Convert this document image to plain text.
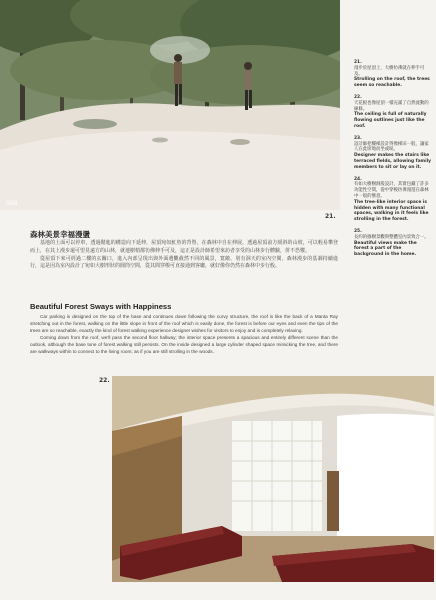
068
21.
21.
漫步於屋頂上，大樹彷彿就在伸手可及。
Strolling on the roof, the trees seem so reachable.
22.
天花板也像屋頂一樣充滿了自然流動的線條。
The ceiling is full of naturally flowing outlines just like the roof.
23.
設計師把樓梯設計得像梯田一般，讓家人在此席地而坐或臥。
Designer makes the stairs like terraced fields, allowing family members to sit or lay on it.
24.
有如大樹樹洞般設計，其實包藏了許多功能性空間，從中穿梭彷彿漫遊在森林中一般的愜意。
The tree-like interior space is hidden with many functional spaces, walking in it feels like strolling in the forest.
25.
長約的綠樹景觀與整體室內景致合一。
Beautiful views make the forest a part of the background in the home.
森林美景幸福漫盪

基地的上面可以停車，透過階進的構造向下延伸，屋頂宛如魟魚的背脊，在森林中自在伸展，透過屋頂前方緩斜的山坡，可以輕易攀登而上，在其上漫步還可望見遠方的山林，就連樹梢都彷佛伸手可及，這正是設計師希望來訪者享受的山林步行體驗，併不恐懼。

從屋頂下來可經過二樓的玄關口，進入內部呈現出與外面遺觀截然不同的風景，寬敞、別有洞天的室內空間，森林漫步的基調持續進行，這是因為室內設計了宛如大樹形狀的圓筒空間，從其間穿梭可直接通到客廳，就好像你仍然在森林中步行般。

Beautiful Forest Sways with Happiness

Car parking is designed on the top of the base and continues down following the curvy structure, the roof is like the back of a Manta Ray stretching out in the forest, walking on the little slope in front of the roof which is easily done, the forest is before our eyes and even the tips of the trees are so reachable, exactly the kind of forest walking experience designer wishes for visitors to enjoy and is completely relaxing.

Coming down from the roof, we’ll pass the second floor hallway; the interior space presents a spacious and entirely different scene than the outlook, although the base tone of forest walking still persists. On the inside designed a large cylinder shaped space mimicking the tree, and there are walkways within to connect to the living room; as if you are still strolling in the woods.

22.
